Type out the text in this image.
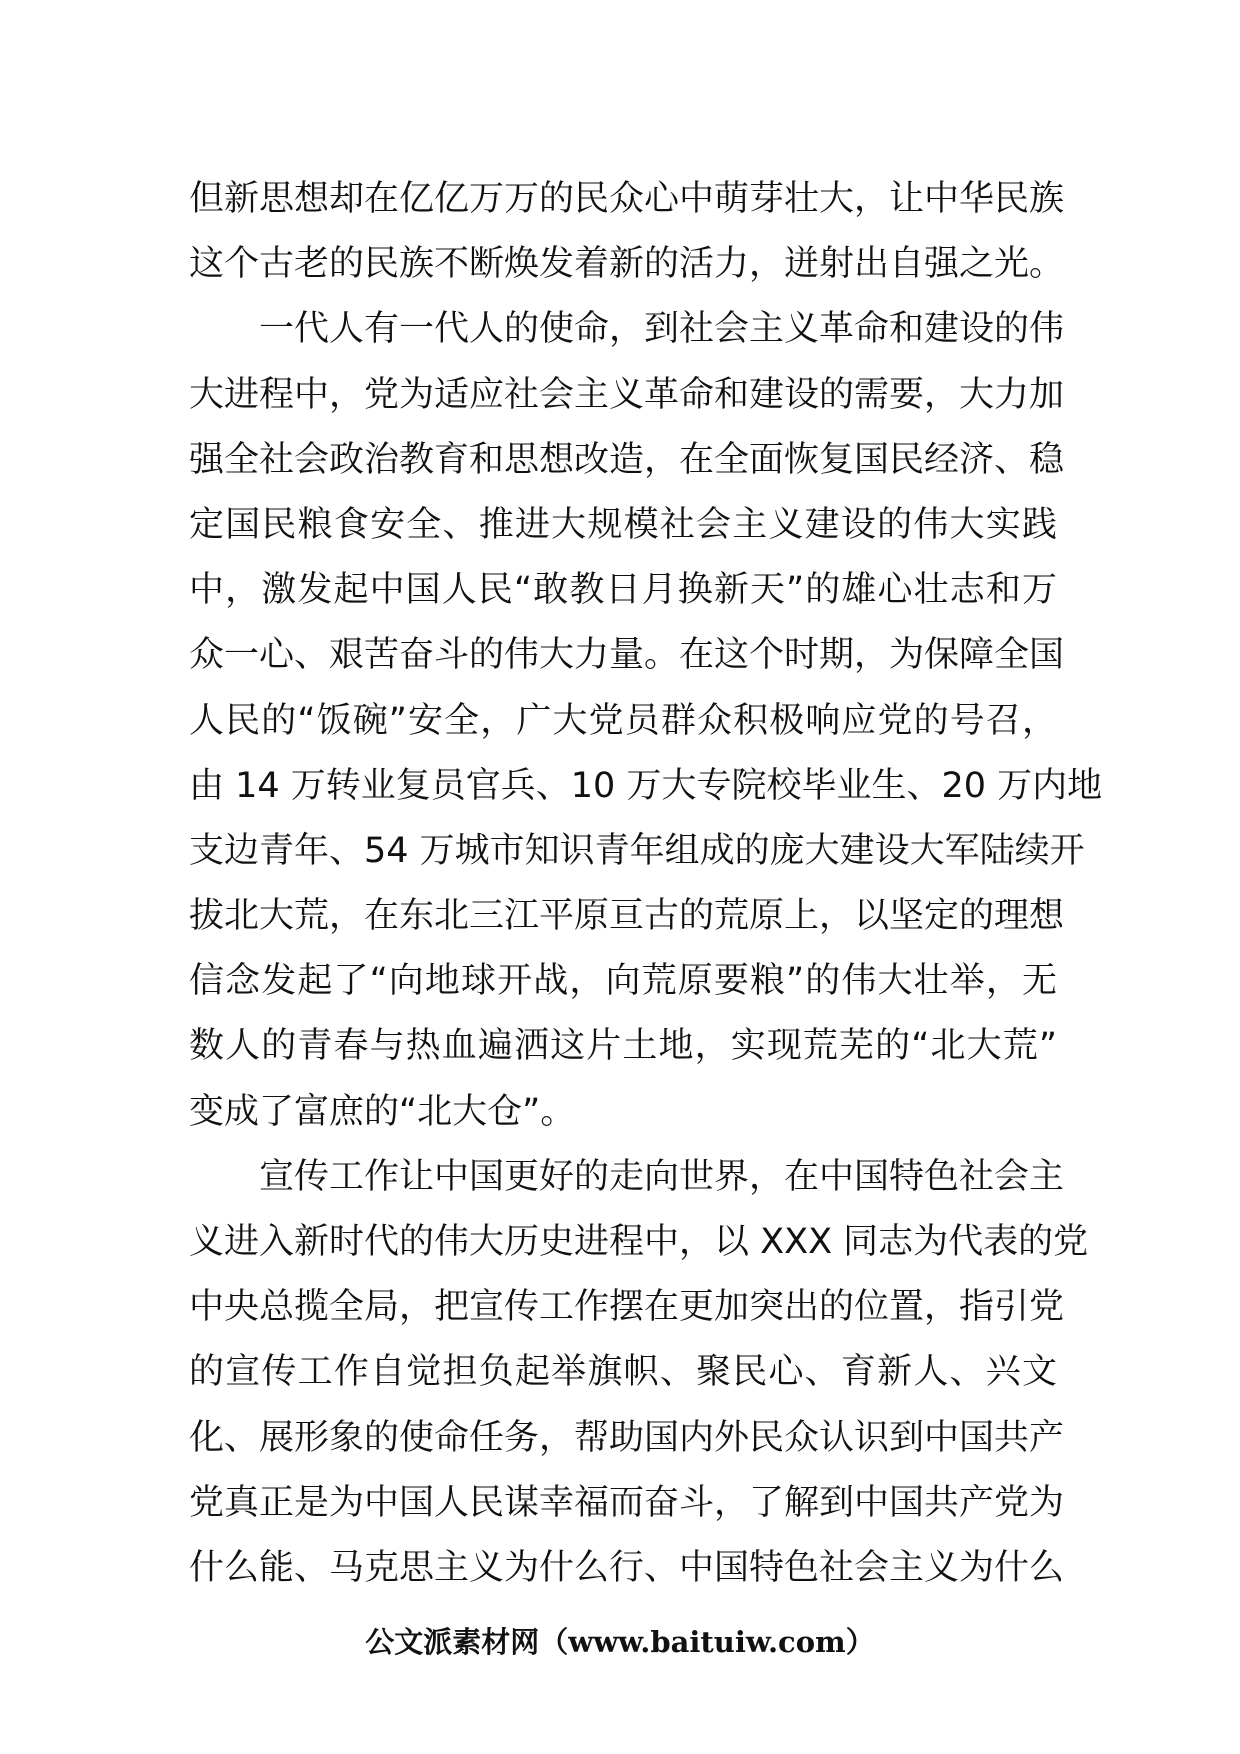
但新思想却在亿亿万万的民众心中萌芽壮大，让中华民族
这个古老的民族不断焕发着新的活力，迸射出自强之光。
一代人有一代人的使命，到社会主义革命和建设的伟
大进程中，党为适应社会主义革命和建设的需要，大力加
强全社会政治教育和思想改造，在全面恢复国民经济、稳
定国民粮食安全、推进大规模社会主义建设的伟大实践
中，激发起中国人民“敢教日月换新天”的雄心壮志和万
众一心、艰苦奋斗的伟大力量。在这个时期，为保障全国
人民的“饭碗”安全，广大党员群众积极响应党的号召，
由 14 万转业复员官兵、10 万大专院校毕业生、20 万内地
支边青年、54 万城市知识青年组成的庞大建设大军陆续开
拔北大荒，在东北三江平原亘古的荒原上，以坚定的理想
信念发起了“向地球开战，向荒原要粮”的伟大壮举，无
数人的青春与热血遍洒这片土地，实现荒芜的“北大荒”
变成了富庶的“北大仓”。
宣传工作让中国更好的走向世界，在中国特色社会主
义进入新时代的伟大历史进程中，以 XXX 同志为代表的党
中央总揽全局，把宣传工作摆在更加突出的位置，指引党
的宣传工作自觉担负起举旗帜、聚民心、育新人、兴文
化、展形象的使命任务，帮助国内外民众认识到中国共产
党真正是为中国人民谋幸福而奋斗，了解到中国共产党为
什么能、马克思主义为什么行、中国特色社会主义为什么
公文派素材网（www.baituiw.com）
